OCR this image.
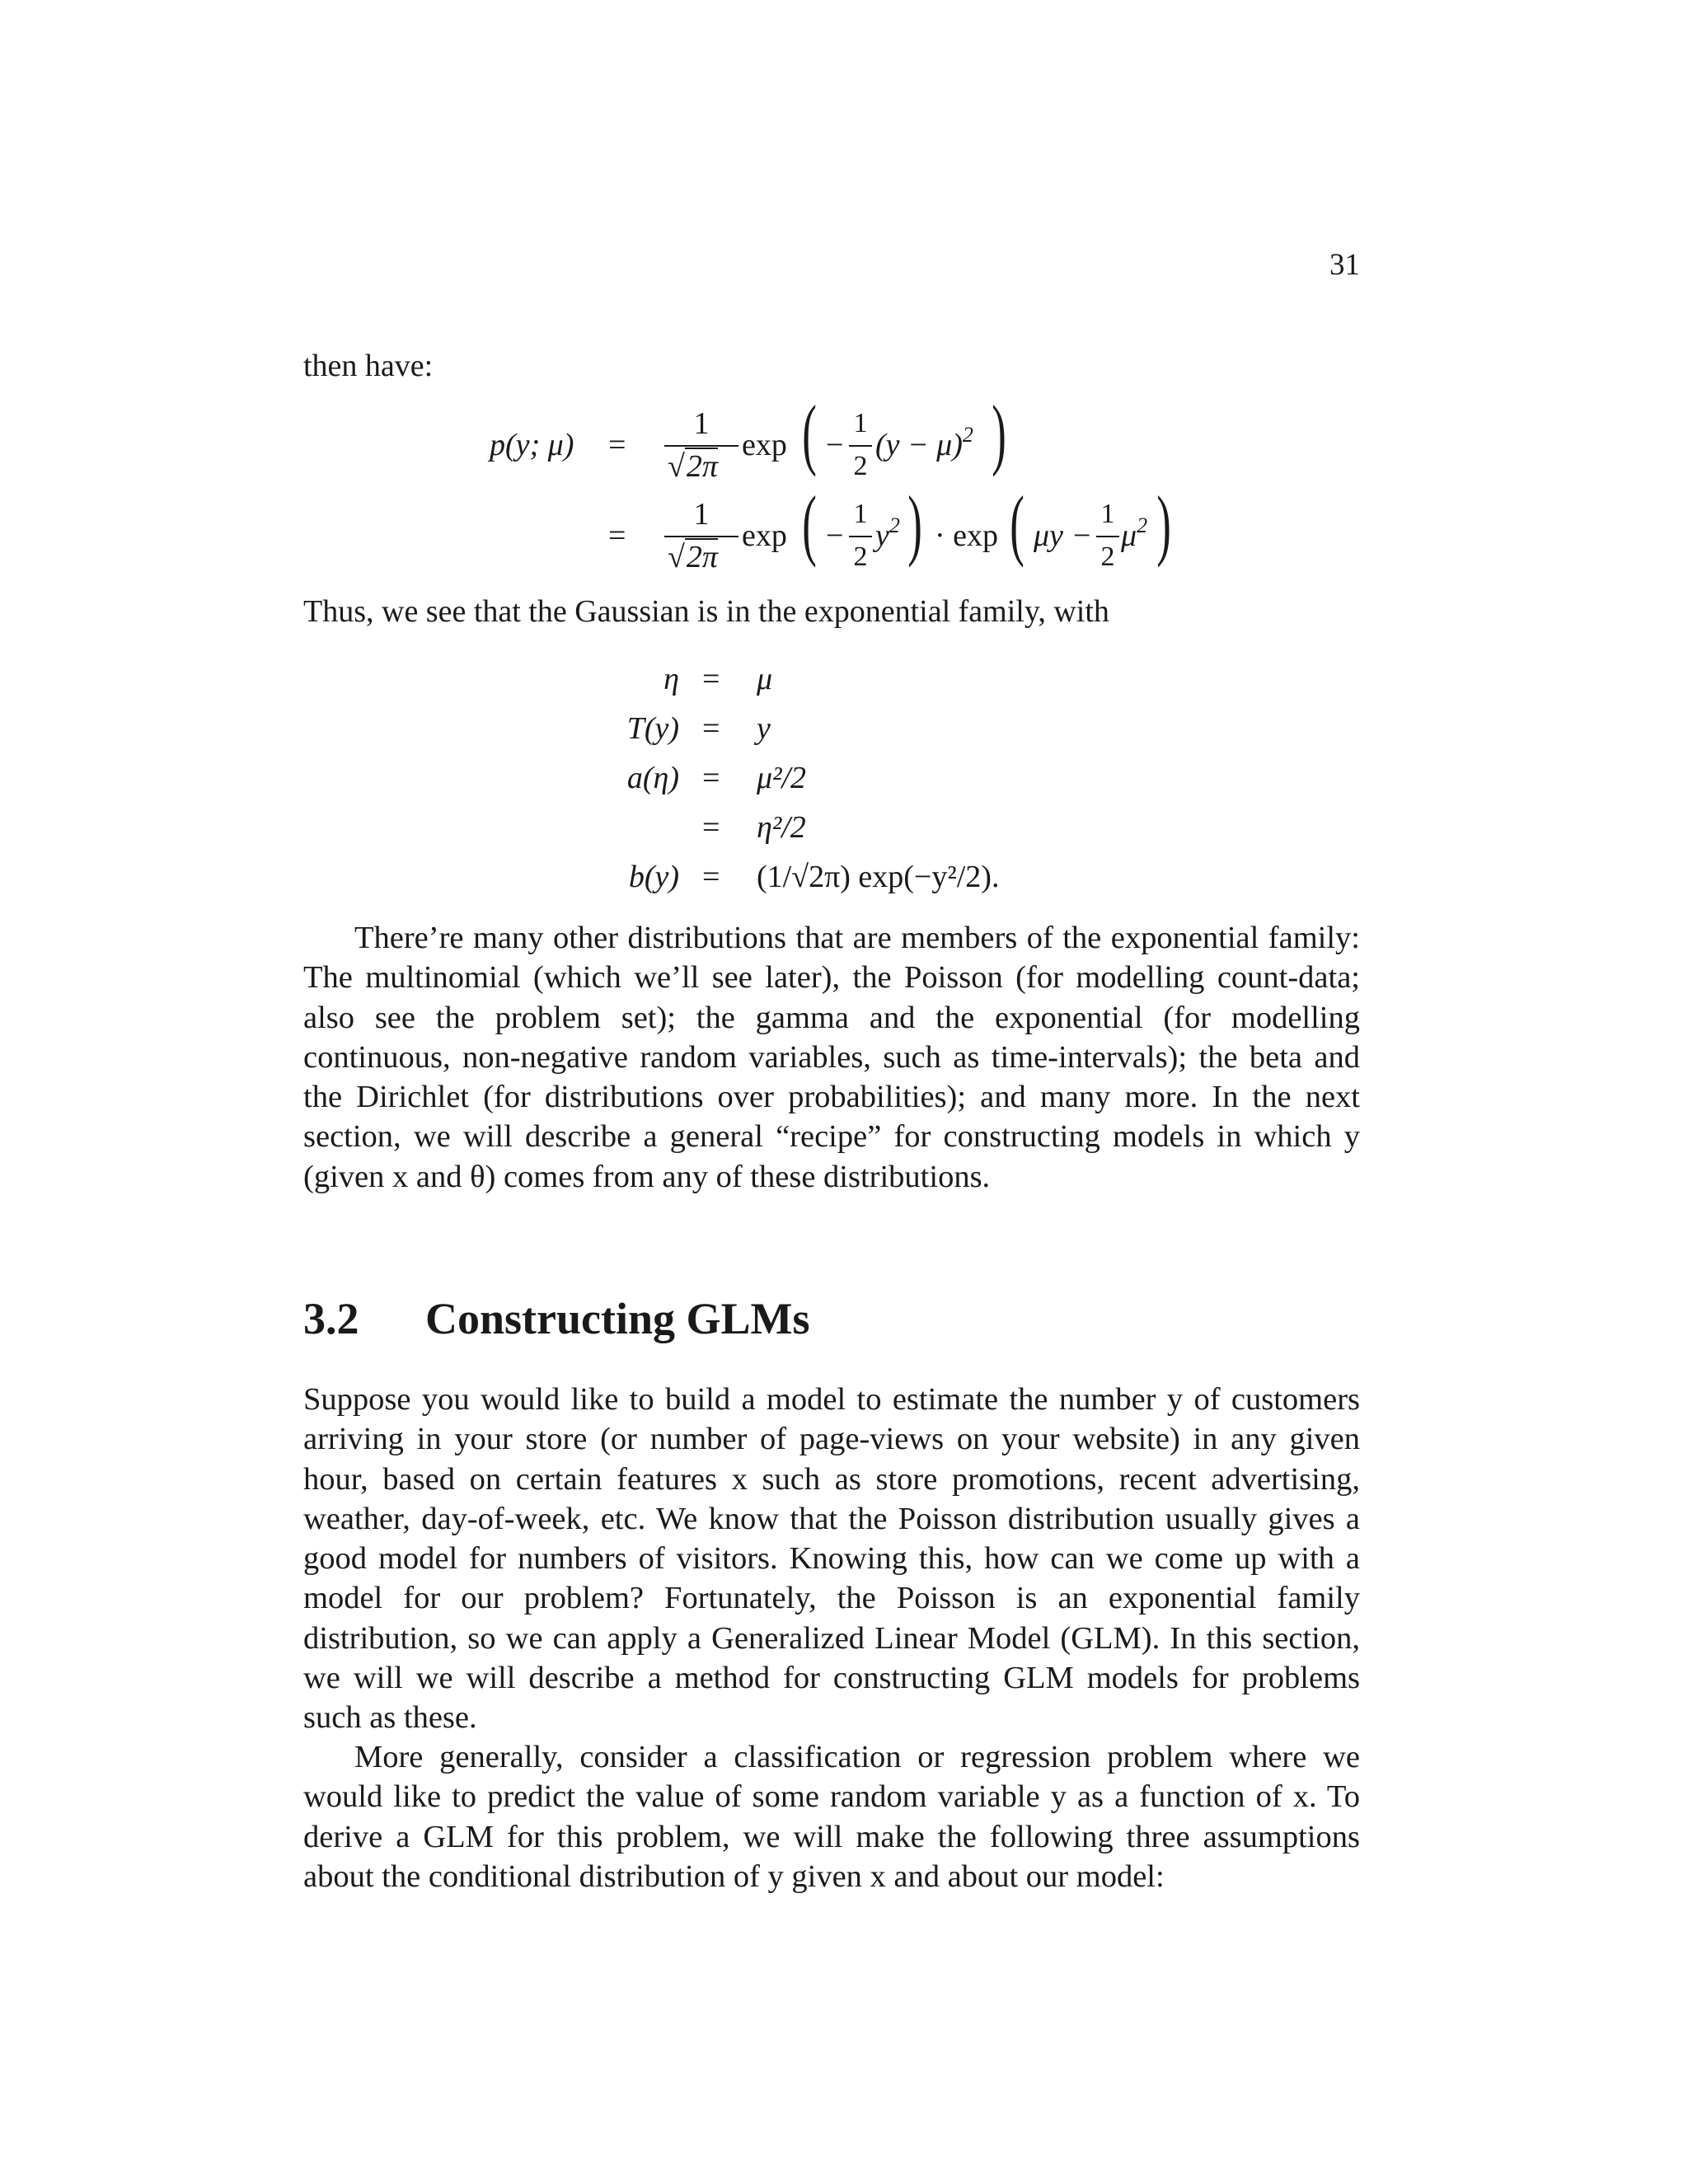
31
then have:
p(y; μ) =
1
√2π
exp ( −
1
2
$(y - \mu)^2$ )
=
1
√2π
exp ( −
1
2
$y^2$ ) · exp ( μy −
1
2
$\mu^2$ )
Thus, we see that the Gaussian is in the exponential family, with
η = μ
T(y) = y
a(η) = μ²/2
= η²/2
b(y) = (1/√2π) exp(−y²/2).
There’re many other distributions that are members of the exponential family: The multinomial (which we’ll see later), the Poisson (for modelling count-data; also see the problem set); the gamma and the exponential (for modelling continuous, non-negative random variables, such as time-intervals); the beta and the Dirichlet (for distributions over probabilities); and many more. In the next section, we will describe a general “recipe” for constructing models in which y (given x and θ) comes from any of these distributions.
3.2 Constructing GLMs
Suppose you would like to build a model to estimate the number y of customers arriving in your store (or number of page-views on your website) in any given hour, based on certain features x such as store promotions, recent advertising, weather, day-of-week, etc. We know that the Poisson distribution usually gives a good model for numbers of visitors. Knowing this, how can we come up with a model for our problem? Fortunately, the Poisson is an exponential family distribution, so we can apply a Generalized Linear Model (GLM). In this section, we will we will describe a method for constructing GLM models for problems such as these.
More generally, consider a classification or regression problem where we would like to predict the value of some random variable y as a function of x. To derive a GLM for this problem, we will make the following three assumptions about the conditional distribution of y given x and about our model:
